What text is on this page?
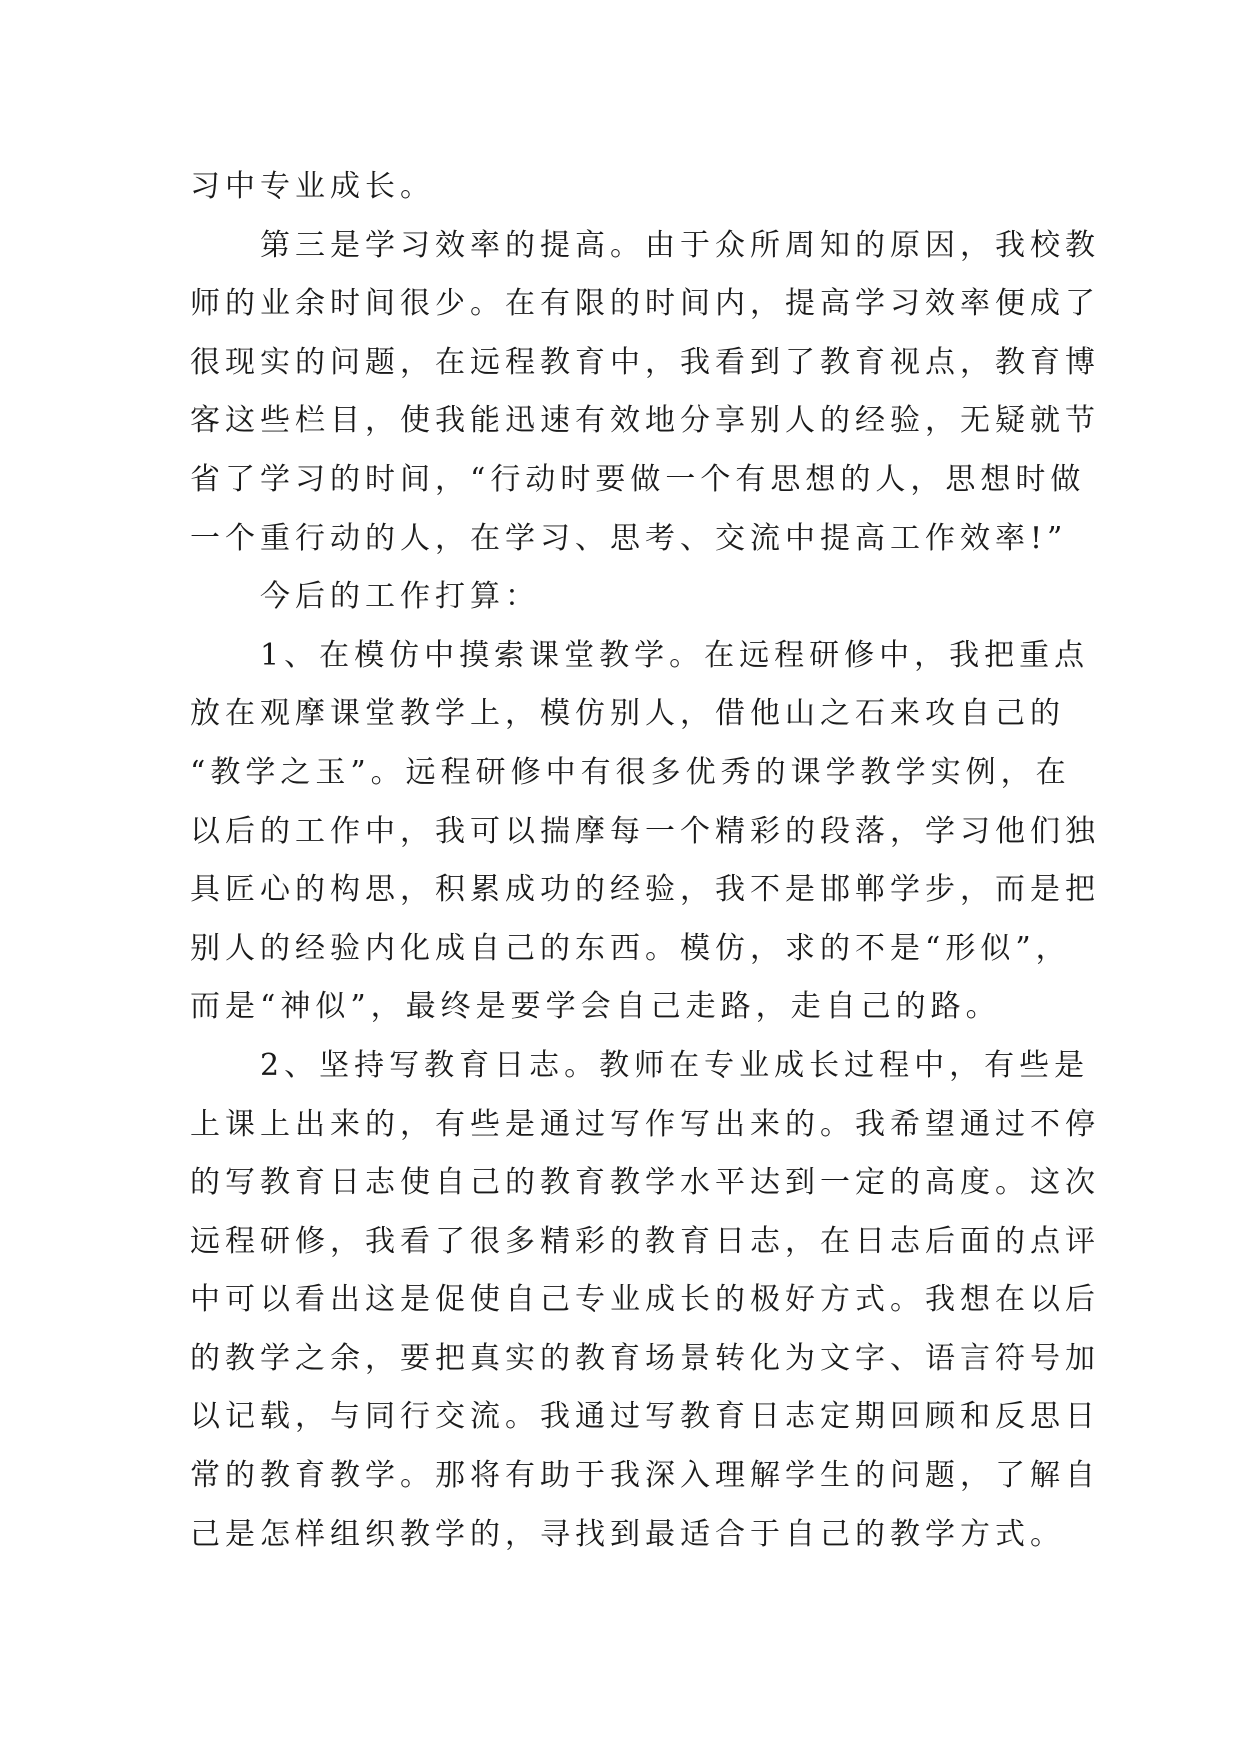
习中专业成长。
第三是学习效率的提高。由于众所周知的原因，我校教
师的业余时间很少。在有限的时间内，提高学习效率便成了
很现实的问题，在远程教育中，我看到了教育视点，教育博
客这些栏目，使我能迅速有效地分享别人的经验，无疑就节
省了学习的时间，“行动时要做一个有思想的人，思想时做
一个重行动的人，在学习、思考、交流中提高工作效率!”
今后的工作打算：
1、在模仿中摸索课堂教学。在远程研修中，我把重点
放在观摩课堂教学上，模仿别人，借他山之石来攻自己的
“教学之玉”。远程研修中有很多优秀的课学教学实例，在
以后的工作中，我可以揣摩每一个精彩的段落，学习他们独
具匠心的构思，积累成功的经验，我不是邯郸学步，而是把
别人的经验内化成自己的东西。模仿，求的不是“形似”，
而是“神似”，最终是要学会自己走路，走自己的路。
2、坚持写教育日志。教师在专业成长过程中，有些是
上课上出来的，有些是通过写作写出来的。我希望通过不停
的写教育日志使自己的教育教学水平达到一定的高度。这次
远程研修，我看了很多精彩的教育日志，在日志后面的点评
中可以看出这是促使自己专业成长的极好方式。我想在以后
的教学之余，要把真实的教育场景转化为文字、语言符号加
以记载，与同行交流。我通过写教育日志定期回顾和反思日
常的教育教学。那将有助于我深入理解学生的问题，了解自
己是怎样组织教学的，寻找到最适合于自己的教学方式。
